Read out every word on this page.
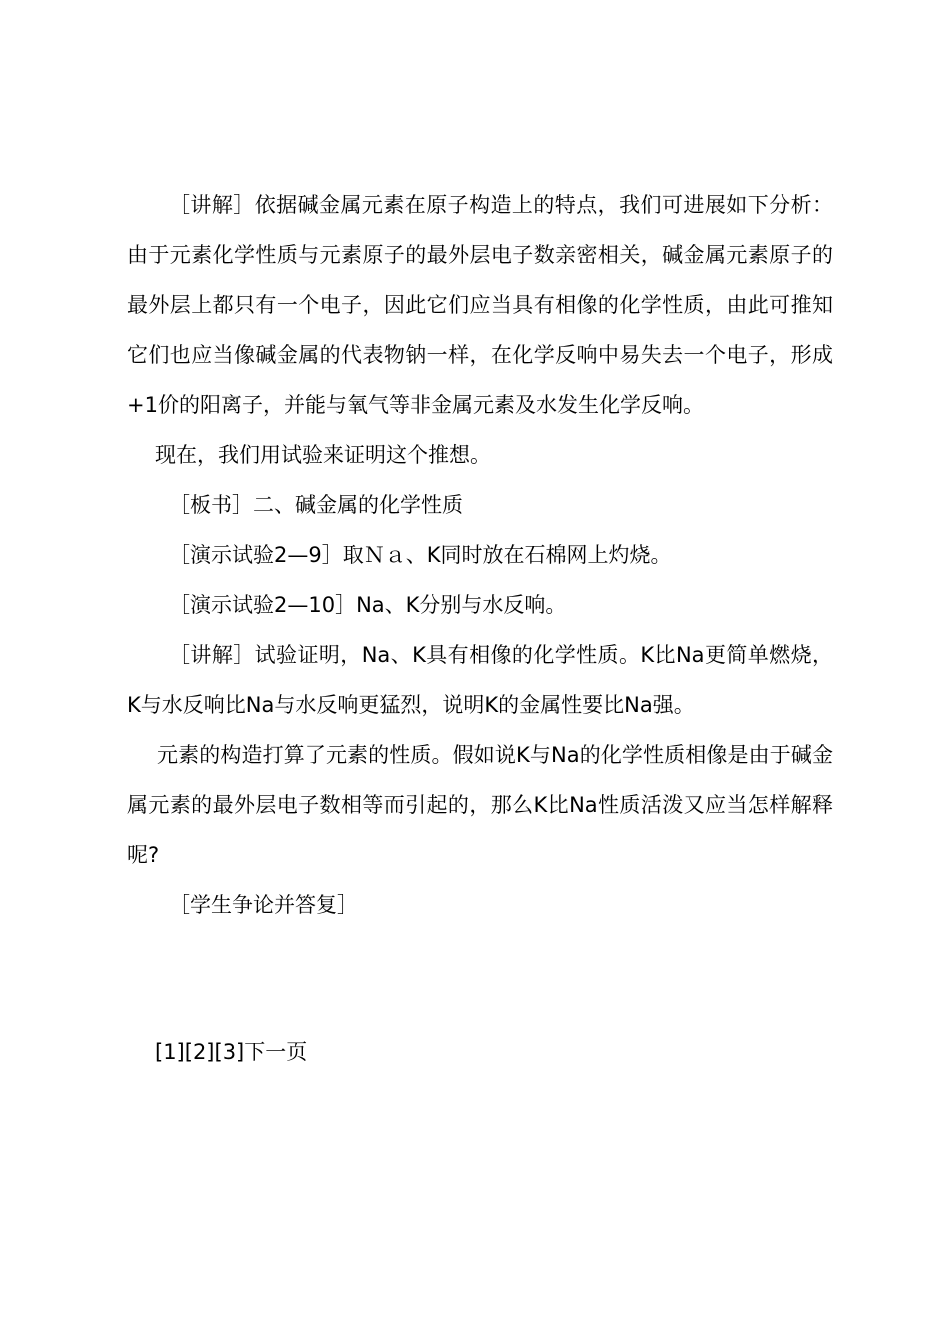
［讲解］依据碱金属元素在原子构造上的特点，我们可进展如下分析：由于元素化学性质与元素原子的最外层电子数亲密相关，碱金属元素原子的最外层上都只有一个电子，因此它们应当具有相像的化学性质，由此可推知它们也应当像碱金属的代表物钠一样，在化学反响中易失去一个电子，形成+1价的阳离子，并能与氧气等非金属元素及水发生化学反响。

现在，我们用试验来证明这个推想。

［板书］二、碱金属的化学性质

［演示试验2—9］取Ｎａ、K同时放在石棉网上灼烧。

［演示试验2—10］Na、K分别与水反响。

［讲解］试验证明，Na、K具有相像的化学性质。K比Na更简单燃烧，K与水反响比Na与水反响更猛烈，说明K的金属性要比Na强。

元素的构造打算了元素的性质。假如说K与Na的化学性质相像是由于碱金属元素的最外层电子数相等而引起的，那么K比Na性质活泼又应当怎样解释呢?

［学生争论并答复］

[1][2][3]下一页
